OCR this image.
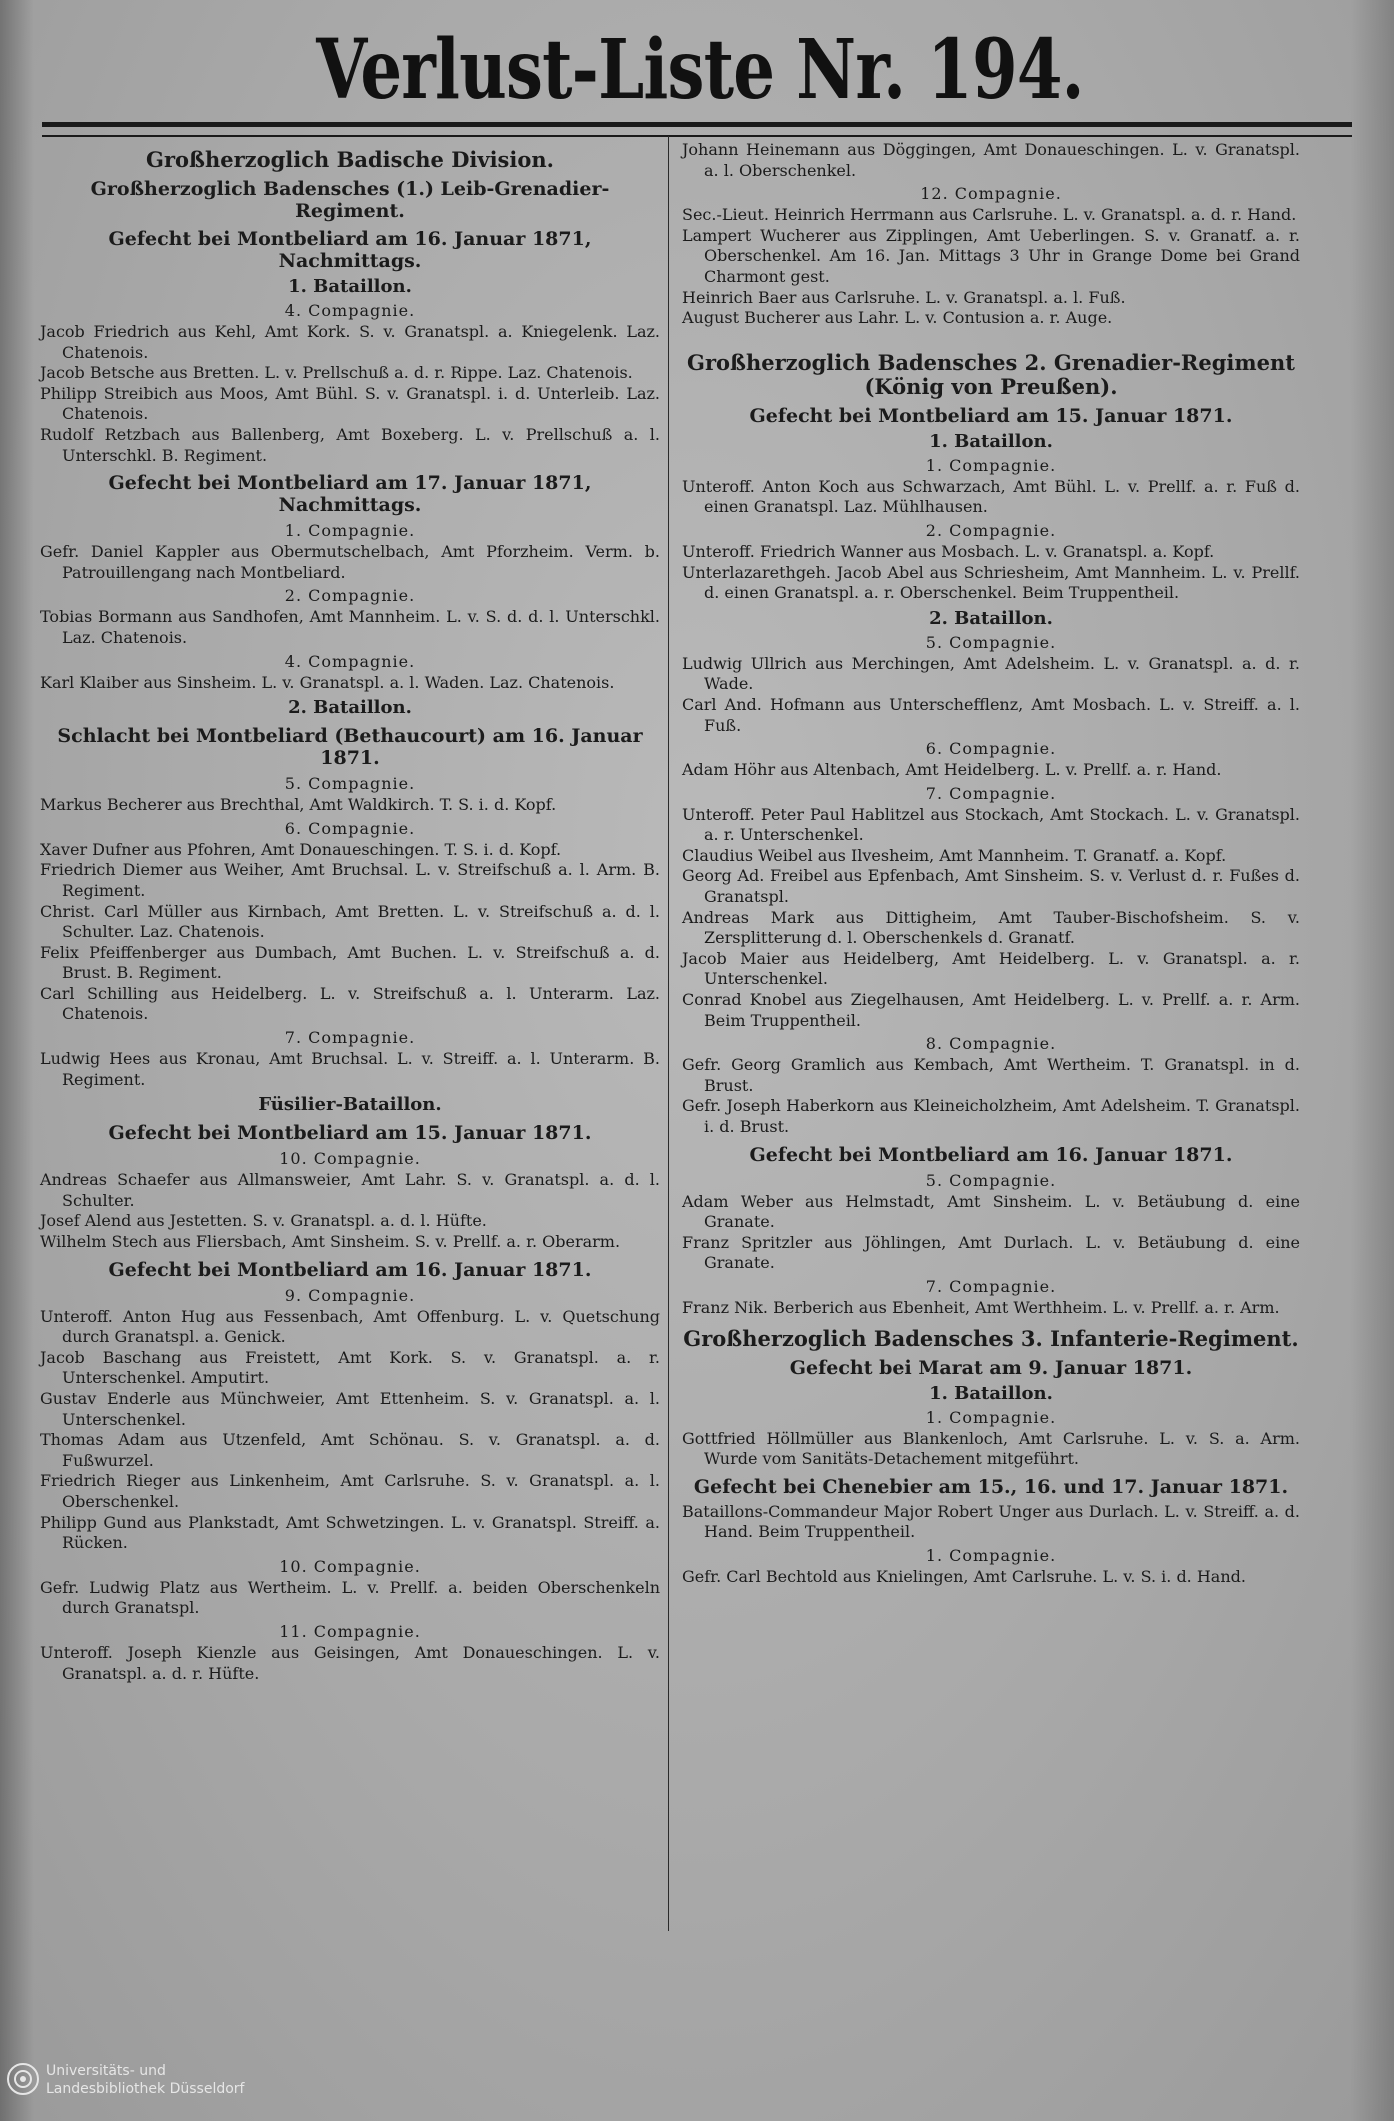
Verlust-Liste Nr. 194.
Großherzoglich Badische Division.
Großherzoglich Badensches (1.) Leib-Grenadier-Regiment.
Gefecht bei Montbeliard am 16. Januar 1871, Nachmittags.
1. Bataillon.
4. Compagnie.
Jacob Friedrich aus Kehl, Amt Kork. S. v. Granatspl. a. Kniegelenk. Laz. Chatenois.
Jacob Betsche aus Bretten. L. v. Prellschuß a. d. r. Rippe. Laz. Chatenois.
Philipp Streibich aus Moos, Amt Bühl. S. v. Granatspl. i. d. Unterleib. Laz. Chatenois.
Rudolf Retzbach aus Ballenberg, Amt Boxeberg. L. v. Prellschuß a. l. Unterschkl. B. Regiment.
Gefecht bei Montbeliard am 17. Januar 1871, Nachmittags.
1. Compagnie.
Gefr. Daniel Kappler aus Obermutschelbach, Amt Pforzheim. Verm. b. Patrouillengang nach Montbeliard.
2. Compagnie.
Tobias Bormann aus Sandhofen, Amt Mannheim. L. v. S. d. d. l. Unterschkl. Laz. Chatenois.
4. Compagnie.
Karl Klaiber aus Sinsheim. L. v. Granatspl. a. l. Waden. Laz. Chatenois.
2. Bataillon.
Schlacht bei Montbeliard (Bethaucourt) am 16. Januar 1871.
5. Compagnie.
Markus Becherer aus Brechthal, Amt Waldkirch. T. S. i. d. Kopf.
6. Compagnie.
Xaver Dufner aus Pfohren, Amt Donaueschingen. T. S. i. d. Kopf.
Friedrich Diemer aus Weiher, Amt Bruchsal. L. v. Streifschuß a. l. Arm. B. Regiment.
Christ. Carl Müller aus Kirnbach, Amt Bretten. L. v. Streifschuß a. d. l. Schulter. Laz. Chatenois.
Felix Pfeiffenberger aus Dumbach, Amt Buchen. L. v. Streifschuß a. d. Brust. B. Regiment.
Carl Schilling aus Heidelberg. L. v. Streifschuß a. l. Unterarm. Laz. Chatenois.
7. Compagnie.
Ludwig Hees aus Kronau, Amt Bruchsal. L. v. Streiff. a. l. Unterarm. B. Regiment.
Füsilier-Bataillon.
Gefecht bei Montbeliard am 15. Januar 1871.
10. Compagnie.
Andreas Schaefer aus Allmansweier, Amt Lahr. S. v. Granatspl. a. d. l. Schulter.
Josef Alend aus Jestetten. S. v. Granatspl. a. d. l. Hüfte.
Wilhelm Stech aus Fliersbach, Amt Sinsheim. S. v. Prellf. a. r. Oberarm.
Gefecht bei Montbeliard am 16. Januar 1871.
9. Compagnie.
Unteroff. Anton Hug aus Fessenbach, Amt Offenburg. L. v. Quetschung durch Granatspl. a. Genick.
Jacob Baschang aus Freistett, Amt Kork. S. v. Granatspl. a. r. Unterschenkel. Amputirt.
Gustav Enderle aus Münchweier, Amt Ettenheim. S. v. Granatspl. a. l. Unterschenkel.
Thomas Adam aus Utzenfeld, Amt Schönau. S. v. Granatspl. a. d. Fußwurzel.
Friedrich Rieger aus Linkenheim, Amt Carlsruhe. S. v. Granatspl. a. l. Oberschenkel.
Philipp Gund aus Plankstadt, Amt Schwetzingen. L. v. Granatspl. Streiff. a. Rücken.
10. Compagnie.
Gefr. Ludwig Platz aus Wertheim. L. v. Prellf. a. beiden Oberschenkeln durch Granatspl.
11. Compagnie.
Unteroff. Joseph Kienzle aus Geisingen, Amt Donaueschingen. L. v. Granatspl. a. d. r. Hüfte.
Johann Heinemann aus Döggingen, Amt Donaueschingen. L. v. Granatspl. a. l. Oberschenkel.
12. Compagnie.
Sec.-Lieut. Heinrich Herrmann aus Carlsruhe. L. v. Granatspl. a. d. r. Hand.
Lampert Wucherer aus Zipplingen, Amt Ueberlingen. S. v. Granatf. a. r. Oberschenkel. Am 16. Jan. Mittags 3 Uhr in Grange Dome bei Grand Charmont gest.
Heinrich Baer aus Carlsruhe. L. v. Granatspl. a. l. Fuß.
August Bucherer aus Lahr. L. v. Contusion a. r. Auge.
Großherzoglich Badensches 2. Grenadier-Regiment (König von Preußen).
Gefecht bei Montbeliard am 15. Januar 1871.
1. Bataillon.
1. Compagnie.
Unteroff. Anton Koch aus Schwarzach, Amt Bühl. L. v. Prellf. a. r. Fuß d. einen Granatspl. Laz. Mühlhausen.
2. Compagnie.
Unteroff. Friedrich Wanner aus Mosbach. L. v. Granatspl. a. Kopf.
Unterlazarethgeh. Jacob Abel aus Schriesheim, Amt Mannheim. L. v. Prellf. d. einen Granatspl. a. r. Oberschenkel. Beim Truppentheil.
2. Bataillon.
5. Compagnie.
Ludwig Ullrich aus Merchingen, Amt Adelsheim. L. v. Granatspl. a. d. r. Wade.
Carl And. Hofmann aus Unterschefflenz, Amt Mosbach. L. v. Streiff. a. l. Fuß.
6. Compagnie.
Adam Höhr aus Altenbach, Amt Heidelberg. L. v. Prellf. a. r. Hand.
7. Compagnie.
Unteroff. Peter Paul Hablitzel aus Stockach, Amt Stockach. L. v. Granatspl. a. r. Unterschenkel.
Claudius Weibel aus Ilvesheim, Amt Mannheim. T. Granatf. a. Kopf.
Georg Ad. Freibel aus Epfenbach, Amt Sinsheim. S. v. Verlust d. r. Fußes d. Granatspl.
Andreas Mark aus Dittigheim, Amt Tauber-Bischofsheim. S. v. Zersplitterung d. l. Oberschenkels d. Granatf.
Jacob Maier aus Heidelberg, Amt Heidelberg. L. v. Granatspl. a. r. Unterschenkel.
Conrad Knobel aus Ziegelhausen, Amt Heidelberg. L. v. Prellf. a. r. Arm. Beim Truppentheil.
8. Compagnie.
Gefr. Georg Gramlich aus Kembach, Amt Wertheim. T. Granatspl. in d. Brust.
Gefr. Joseph Haberkorn aus Kleineicholzheim, Amt Adelsheim. T. Granatspl. i. d. Brust.
Gefecht bei Montbeliard am 16. Januar 1871.
5. Compagnie.
Adam Weber aus Helmstadt, Amt Sinsheim. L. v. Betäubung d. eine Granate.
Franz Spritzler aus Jöhlingen, Amt Durlach. L. v. Betäubung d. eine Granate.
7. Compagnie.
Franz Nik. Berberich aus Ebenheit, Amt Werthheim. L. v. Prellf. a. r. Arm.
Großherzoglich Badensches 3. Infanterie-Regiment.
Gefecht bei Marat am 9. Januar 1871.
1. Bataillon.
1. Compagnie.
Gottfried Höllmüller aus Blankenloch, Amt Carlsruhe. L. v. S. a. Arm. Wurde vom Sanitäts-Detachement mitgeführt.
Gefecht bei Chenebier am 15., 16. und 17. Januar 1871.
Bataillons-Commandeur Major Robert Unger aus Durlach. L. v. Streiff. a. d. Hand. Beim Truppentheil.
1. Compagnie.
Gefr. Carl Bechtold aus Knielingen, Amt Carlsruhe. L. v. S. i. d. Hand.
Universitäts- und
Landesbibliothek Düsseldorf
